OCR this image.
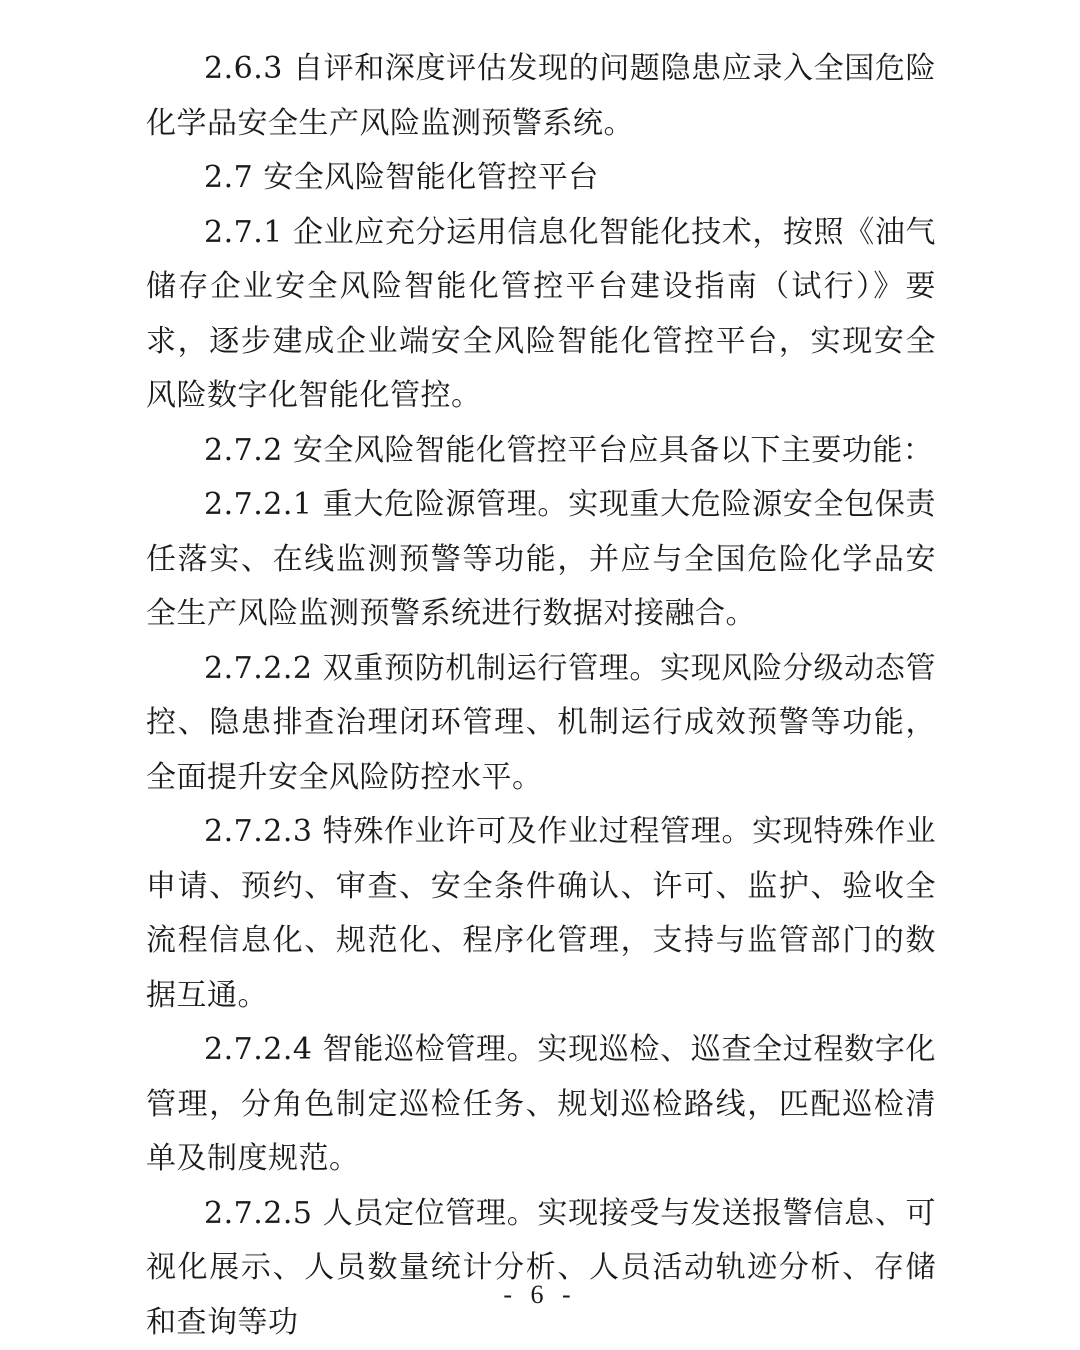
2.6.3 自评和深度评估发现的问题隐患应录入全国危险化学品安全生产风险监测预警系统。

2.7 安全风险智能化管控平台

2.7.1 企业应充分运用信息化智能化技术，按照《油气储存企业安全风险智能化管控平台建设指南（试行）》要求，逐步建成企业端安全风险智能化管控平台，实现安全风险数字化智能化管控。

2.7.2 安全风险智能化管控平台应具备以下主要功能：

2.7.2.1 重大危险源管理。实现重大危险源安全包保责任落实、在线监测预警等功能，并应与全国危险化学品安全生产风险监测预警系统进行数据对接融合。

2.7.2.2 双重预防机制运行管理。实现风险分级动态管控、隐患排查治理闭环管理、机制运行成效预警等功能，全面提升安全风险防控水平。

2.7.2.3 特殊作业许可及作业过程管理。实现特殊作业申请、预约、审查、安全条件确认、许可、监护、验收全流程信息化、规范化、程序化管理，支持与监管部门的数据互通。

2.7.2.4 智能巡检管理。实现巡检、巡查全过程数字化管理，分角色制定巡检任务、规划巡检路线，匹配巡检清单及制度规范。

2.7.2.5 人员定位管理。实现接受与发送报警信息、可视化展示、人员数量统计分析、人员活动轨迹分析、存储和查询等功

- 6 -
